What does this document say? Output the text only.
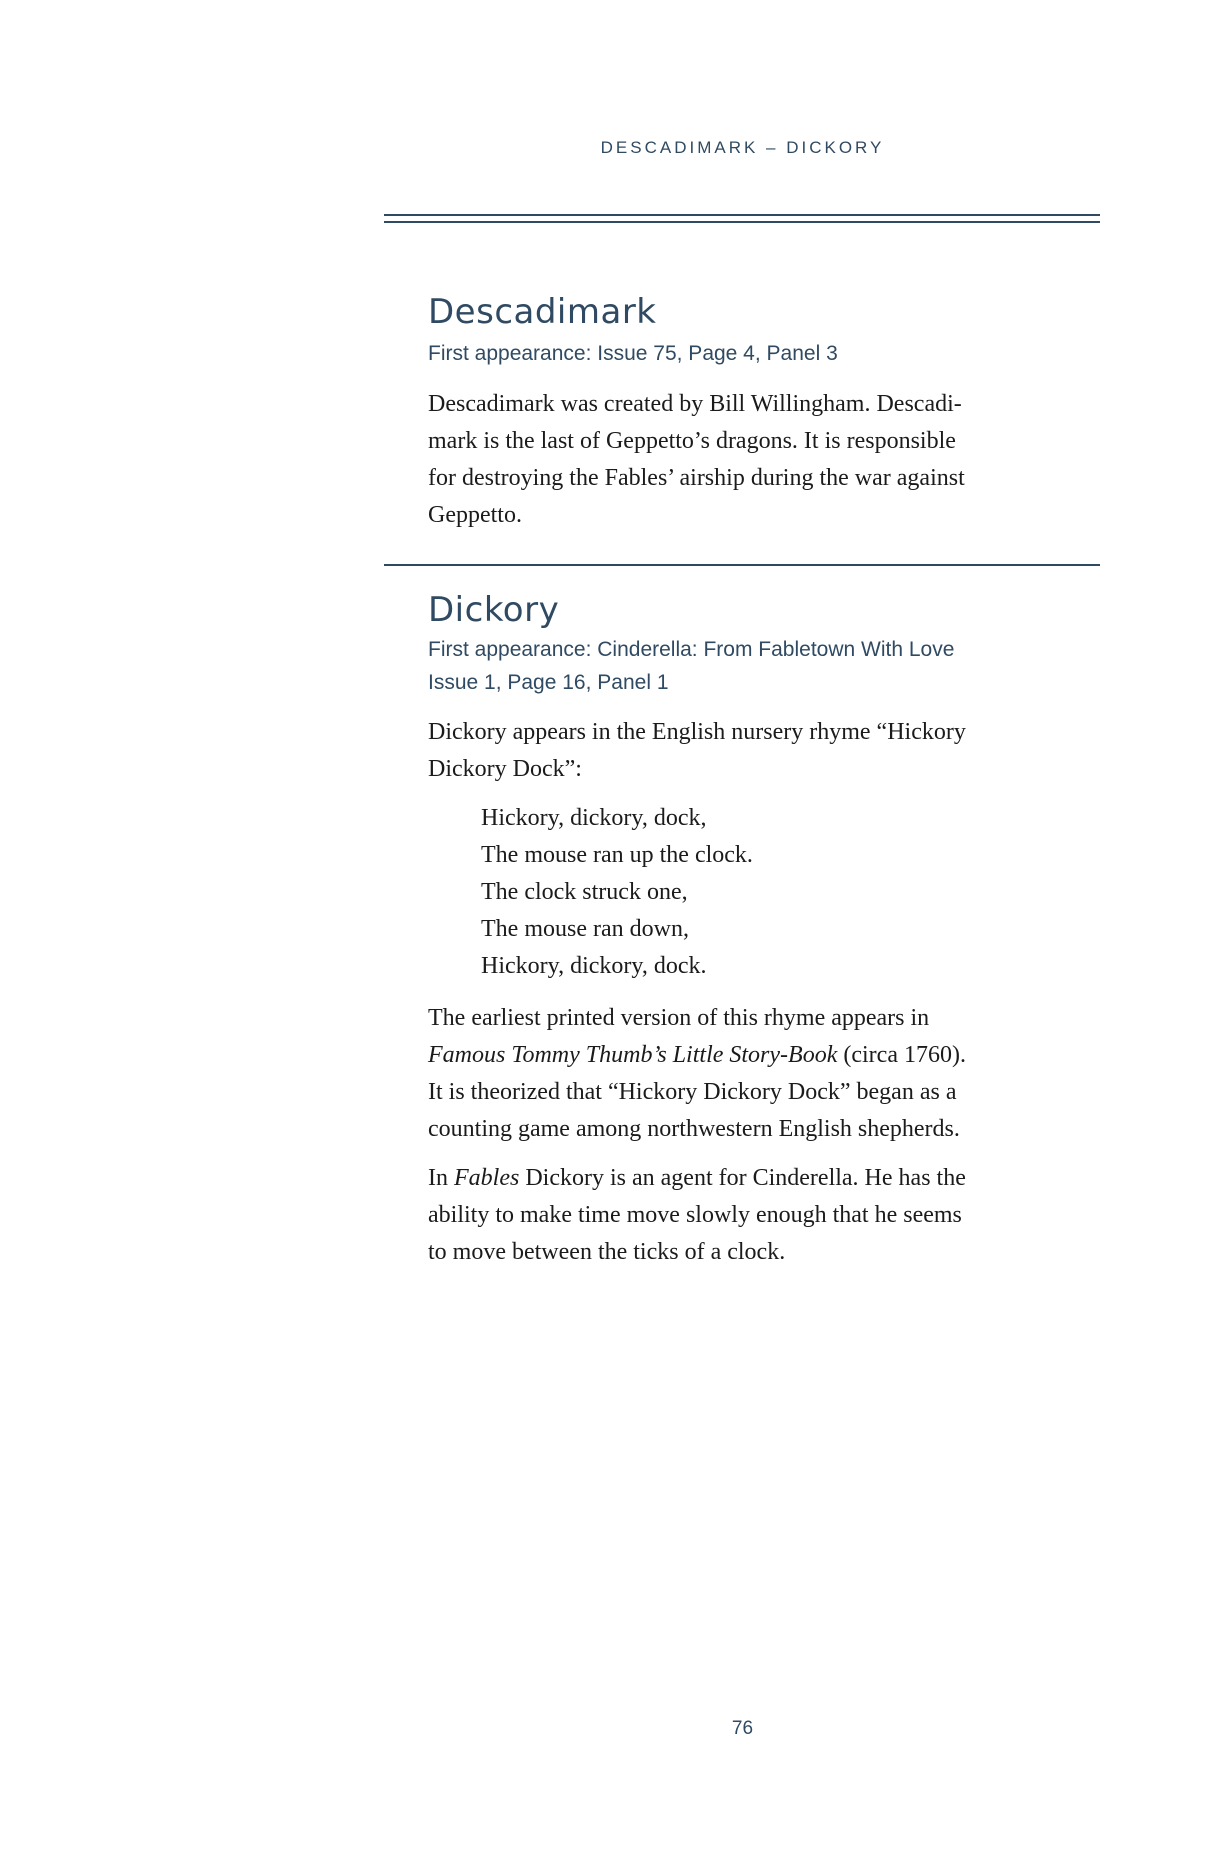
DESCADIMARK – DICKORY
Descadimark

First appearance: Issue 75, Page 4, Panel 3

Descadimark was created by Bill Willingham. Descadi-
mark is the last of Geppetto’s dragons. It is responsible
for destroying the Fables’ airship during the war against
Geppetto.

Dickory

First appearance: Cinderella: From Fabletown With Love
Issue 1, Page 16, Panel 1

Dickory appears in the English nursery rhyme “Hickory
Dickory Dock”:

Hickory, dickory, dock,
The mouse ran up the clock.
The clock struck one,
The mouse ran down,
Hickory, dickory, dock.

The earliest printed version of this rhyme appears in
Famous Tommy Thumb’s Little Story-Book (circa 1760).
It is theorized that “Hickory Dickory Dock” began as a
counting game among northwestern English shepherds.

In Fables Dickory is an agent for Cinderella. He has the
ability to make time move slowly enough that he seems
to move between the ticks of a clock.

76
